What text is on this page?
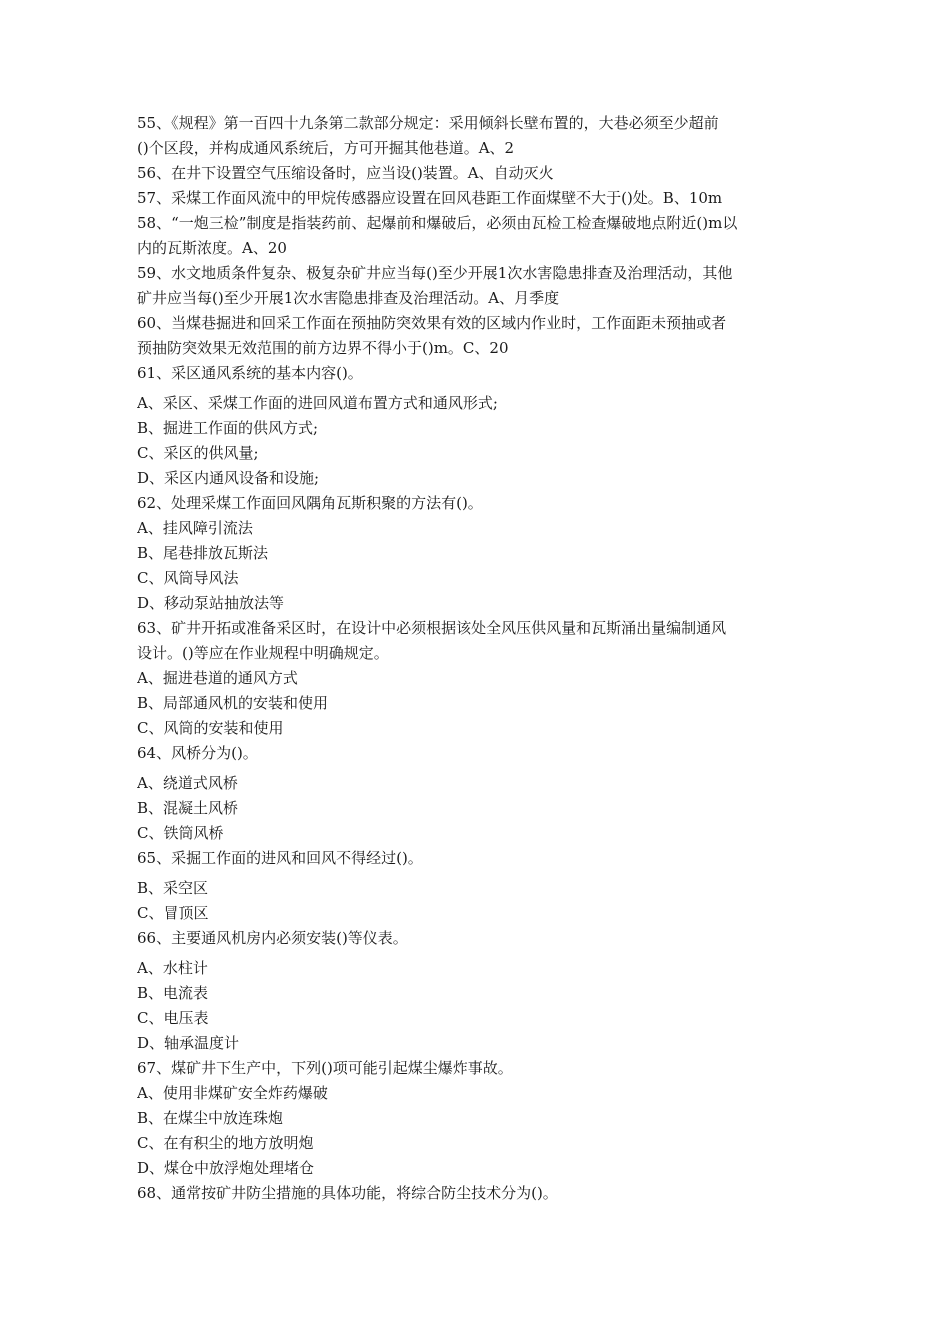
55、《规程》第一百四十九条第二款部分规定：采用倾斜长壁布置的，大巷必须至少超前
()个区段，并构成通风系统后，方可开掘其他巷道。A、2
56、在井下设置空气压缩设备时，应当设()装置。A、自动灭火
57、采煤工作面风流中的甲烷传感器应设置在回风巷距工作面煤壁不大于()处。B、10m
58、“一炮三检”制度是指装药前、起爆前和爆破后，必须由瓦检工检查爆破地点附近()m以
内的瓦斯浓度。A、20
59、水文地质条件复杂、极复杂矿井应当每()至少开展1次水害隐患排查及治理活动，其他
矿井应当每()至少开展1次水害隐患排查及治理活动。A、月季度
60、当煤巷掘进和回采工作面在预抽防突效果有效的区域内作业时，工作面距未预抽或者
预抽防突效果无效范围的前方边界不得小于()m。C、20
61、采区通风系统的基本内容()。
A、采区、采煤工作面的进回风道布置方式和通风形式;
B、掘进工作面的供风方式;
C、采区的供风量;
D、采区内通风设备和设施;
62、处理采煤工作面回风隅角瓦斯积聚的方法有()。
A、挂风障引流法
B、尾巷排放瓦斯法
C、风筒导风法
D、移动泵站抽放法等
63、矿井开拓或准备采区时，在设计中必须根据该处全风压供风量和瓦斯涌出量编制通风
设计。()等应在作业规程中明确规定。
A、掘进巷道的通风方式
B、局部通风机的安装和使用
C、风筒的安装和使用
64、风桥分为()。
A、绕道式风桥
B、混凝土风桥
C、铁筒风桥
65、采掘工作面的进风和回风不得经过()。
B、采空区
C、冒顶区
66、主要通风机房内必须安装()等仪表。
A、水柱计
B、电流表
C、电压表
D、轴承温度计
67、煤矿井下生产中，下列()项可能引起煤尘爆炸事故。
A、使用非煤矿安全炸药爆破
B、在煤尘中放连珠炮
C、在有积尘的地方放明炮
D、煤仓中放浮炮处理堵仓
68、通常按矿井防尘措施的具体功能，将综合防尘技术分为()。
